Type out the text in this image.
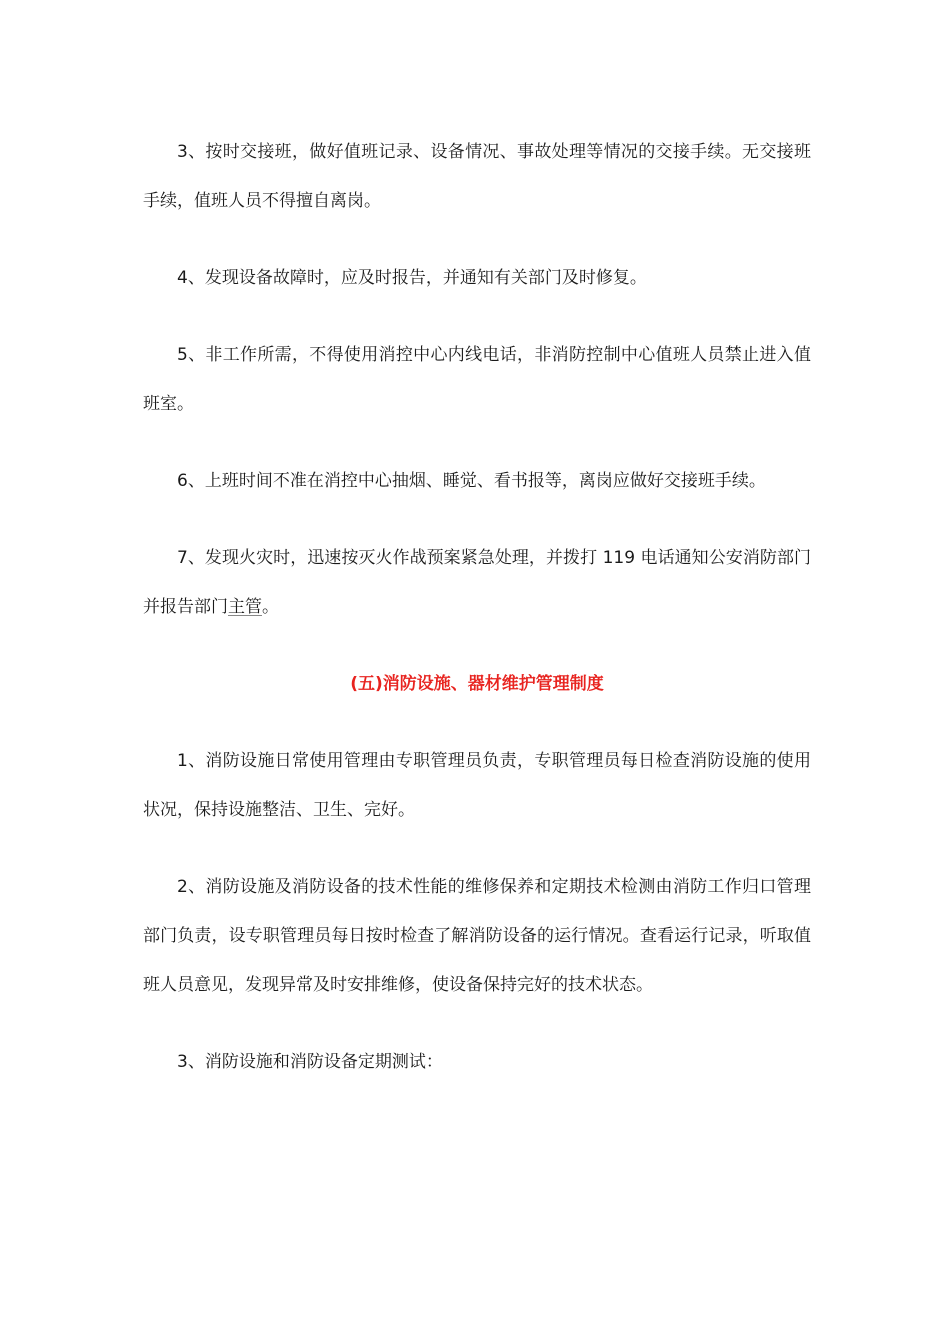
3、按时交接班，做好值班记录、设备情况、事故处理等情况的交接手续。无交接班手续，值班人员不得擅自离岗。

4、发现设备故障时，应及时报告，并通知有关部门及时修复。

5、非工作所需，不得使用消控中心内线电话，非消防控制中心值班人员禁止进入值班室。

6、上班时间不准在消控中心抽烟、睡觉、看书报等，离岗应做好交接班手续。

7、发现火灾时，迅速按灭火作战预案紧急处理，并拨打 119 电话通知公安消防部门并报告部门主管。

(五)消防设施、器材维护管理制度

1、消防设施日常使用管理由专职管理员负责，专职管理员每日检查消防设施的使用状况，保持设施整洁、卫生、完好。

2、消防设施及消防设备的技术性能的维修保养和定期技术检测由消防工作归口管理部门负责，设专职管理员每日按时检查了解消防设备的运行情况。查看运行记录，听取值班人员意见，发现异常及时安排维修，使设备保持完好的技术状态。

3、消防设施和消防设备定期测试：
